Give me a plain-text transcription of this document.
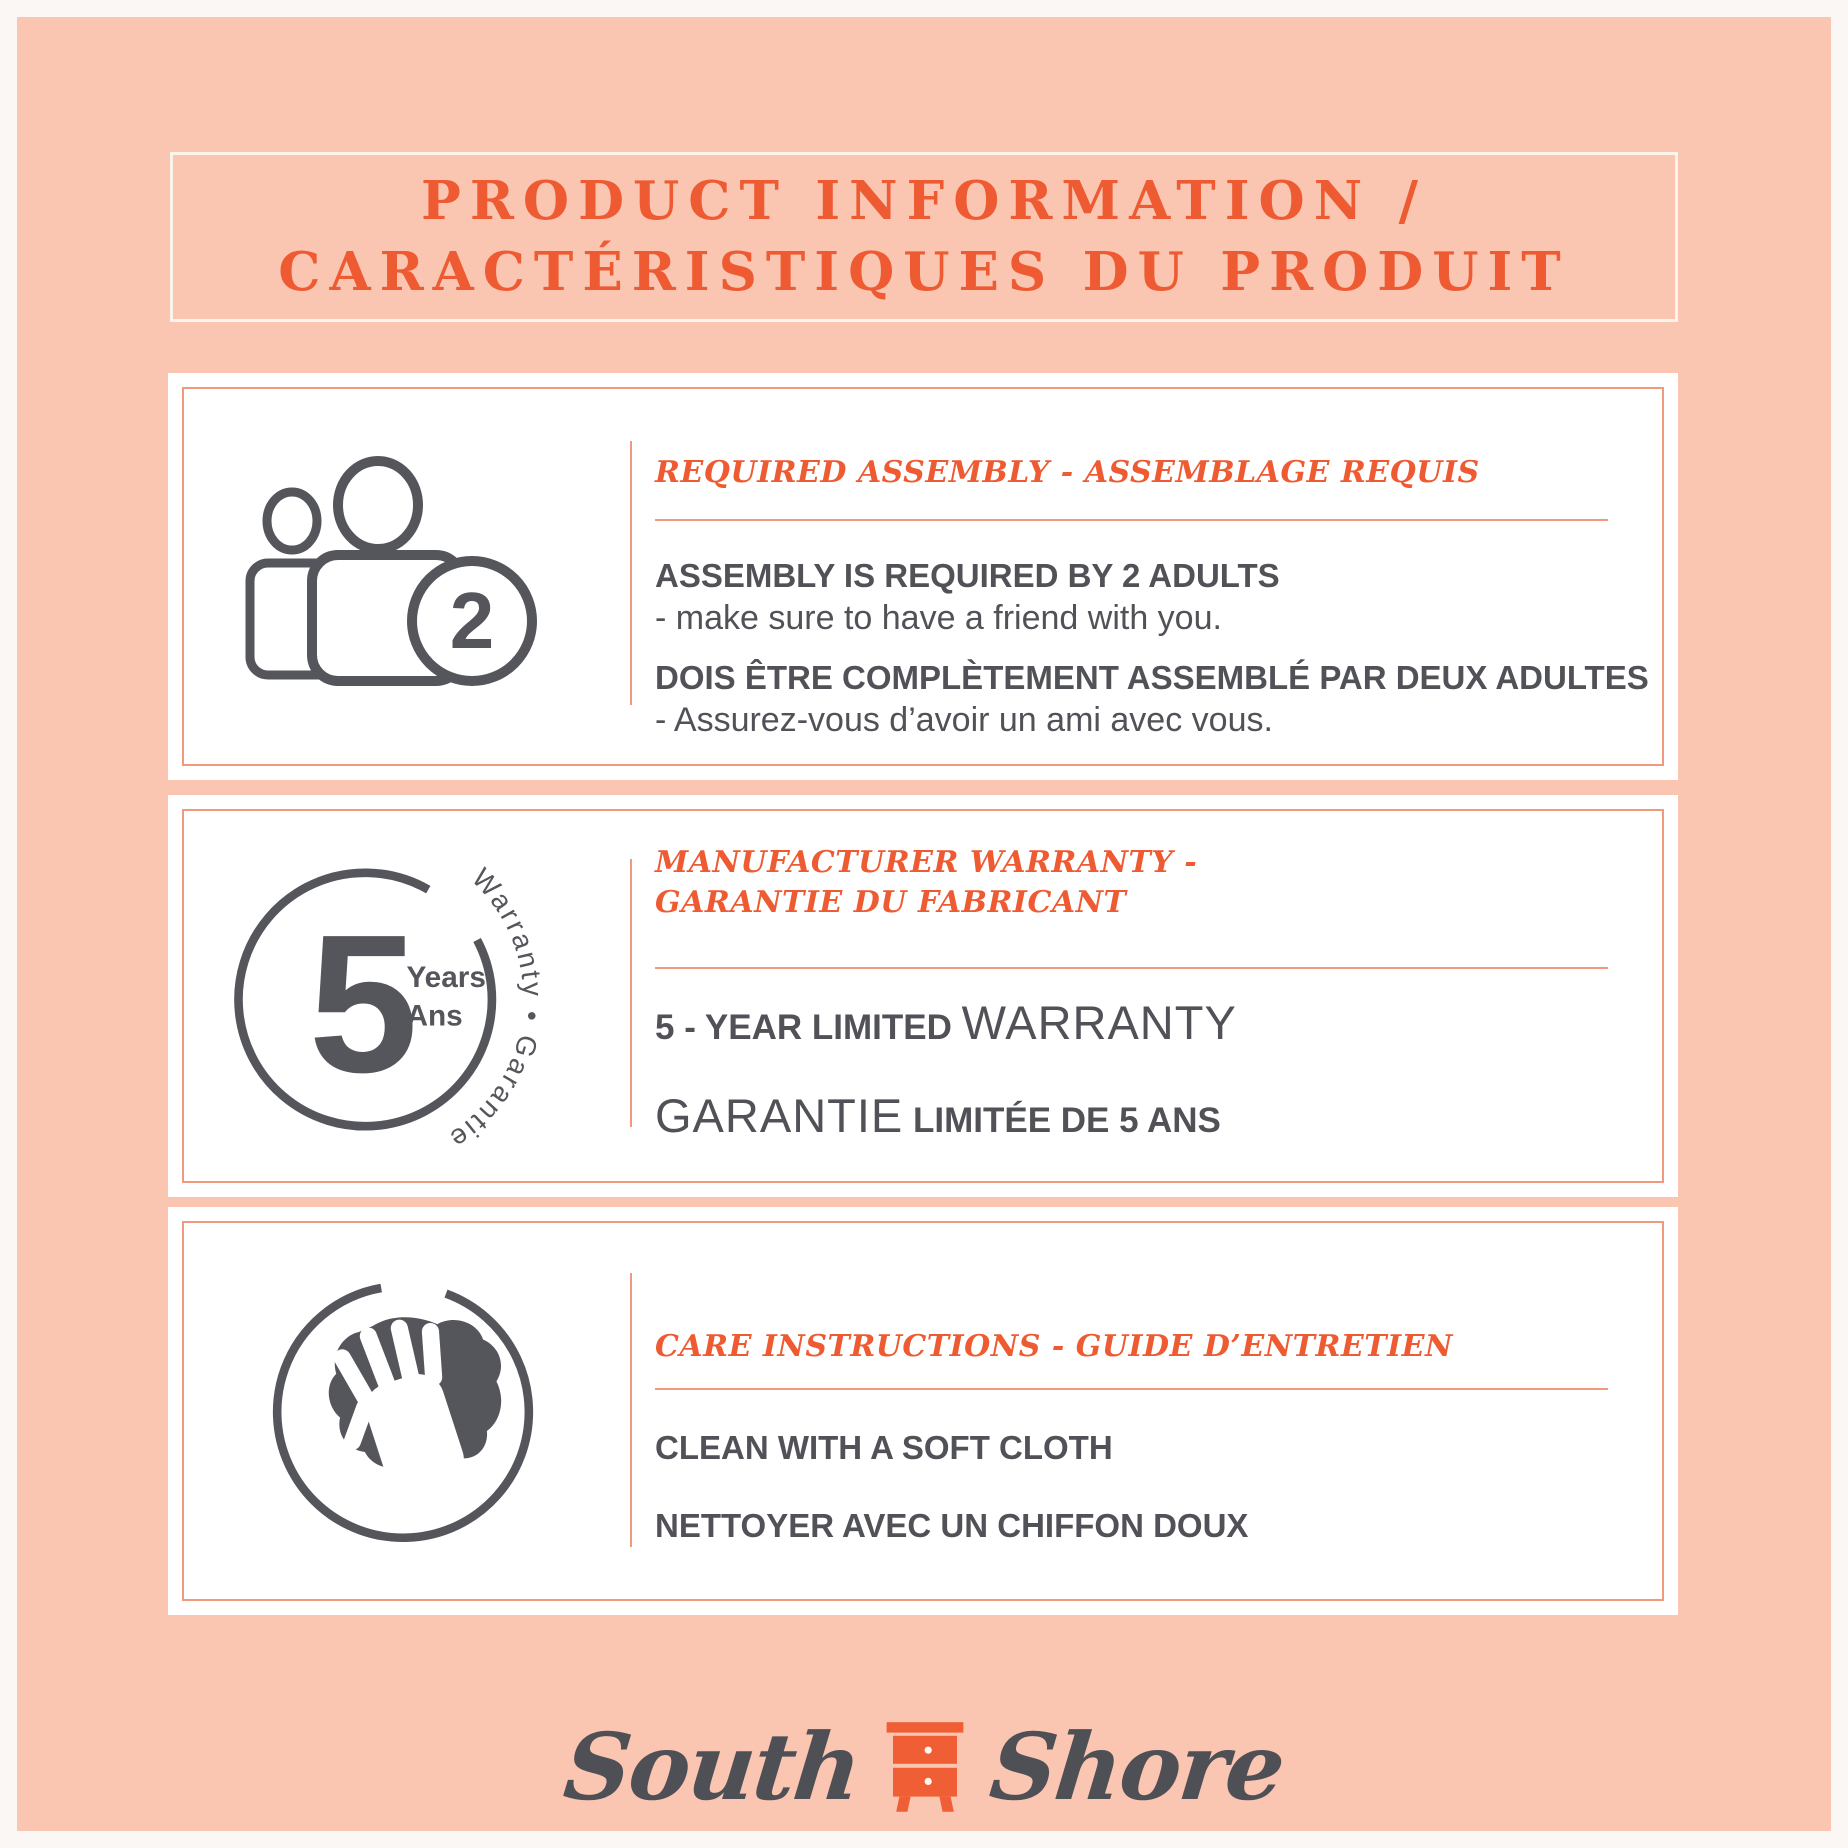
PRODUCT INFORMATION /
CARACTÉRISTIQUES DU PRODUIT
2
REQUIRED ASSEMBLY - ASSEMBLAGE REQUIS
ASSEMBLY IS REQUIRED BY 2 ADULTS
- make sure to have a friend with you.
DOIS ÊTRE COMPLÈTEMENT ASSEMBLÉ PAR DEUX ADULTES
- Assurez-vous d’avoir un ami avec vous.
5
Years
Ans
Warranty • Garantie
MANUFACTURER WARRANTY -
GARANTIE DU FABRICANT
5 - YEAR LIMITED WARRANTY
GARANTIE LIMITÉE DE 5 ANS
CARE INSTRUCTIONS - GUIDE D’ENTRETIEN
CLEAN WITH A SOFT CLOTH
NETTOYER AVEC UN CHIFFON DOUX
South Shore
